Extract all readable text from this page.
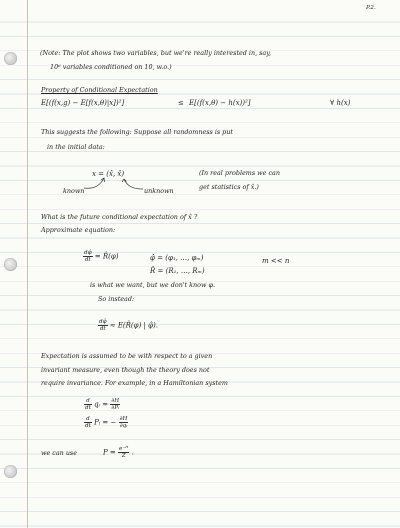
P.2.
(Note: The plot shows two variables, but we're really interested in, say,
10⁶ variables conditioned on 10, w.o.)
Property of Conditional Expectation
E[(f(x,g) − E[f(x,θ)|x])²]	≤ E[(f(x,θ) − h(x))²]	∀ h(x)
This suggests the following: Suppose all randomness is put
in the initial data:
x = (x̂, x̂)	(In real problems we can
get statistics of x̂.)
known	unknown
What is the future conditional expectation of x̂ ?
Approximate equation:
$\frac{d\varphî}{dt}$ = R̂(φ)	φ̂ = (φ₁, …, φₘ)
R̂ = (R₁, …, Rₘ)
m << n
is what we want, but we don't know φ.
So instead:
$\frac{d\varphî}{dt}$ ≈ E(R̂(φ) | φ̂).
Expectation is assumed to be with respect to a given
invariant measure, even though the theory does not
require invariance. For example, in a Hamiltonian system
$\frac{d}{dt}$ qᵢ = $\frac{\partial H}{\text{∂Pᵢ}}$
$\frac{d}{dt}$ Pᵢ = − $\frac{\partial H}{\text{∂qᵢ}}$
we can use	$P = \frac{\text{e⁻ᴴ}}{Z}$ .
